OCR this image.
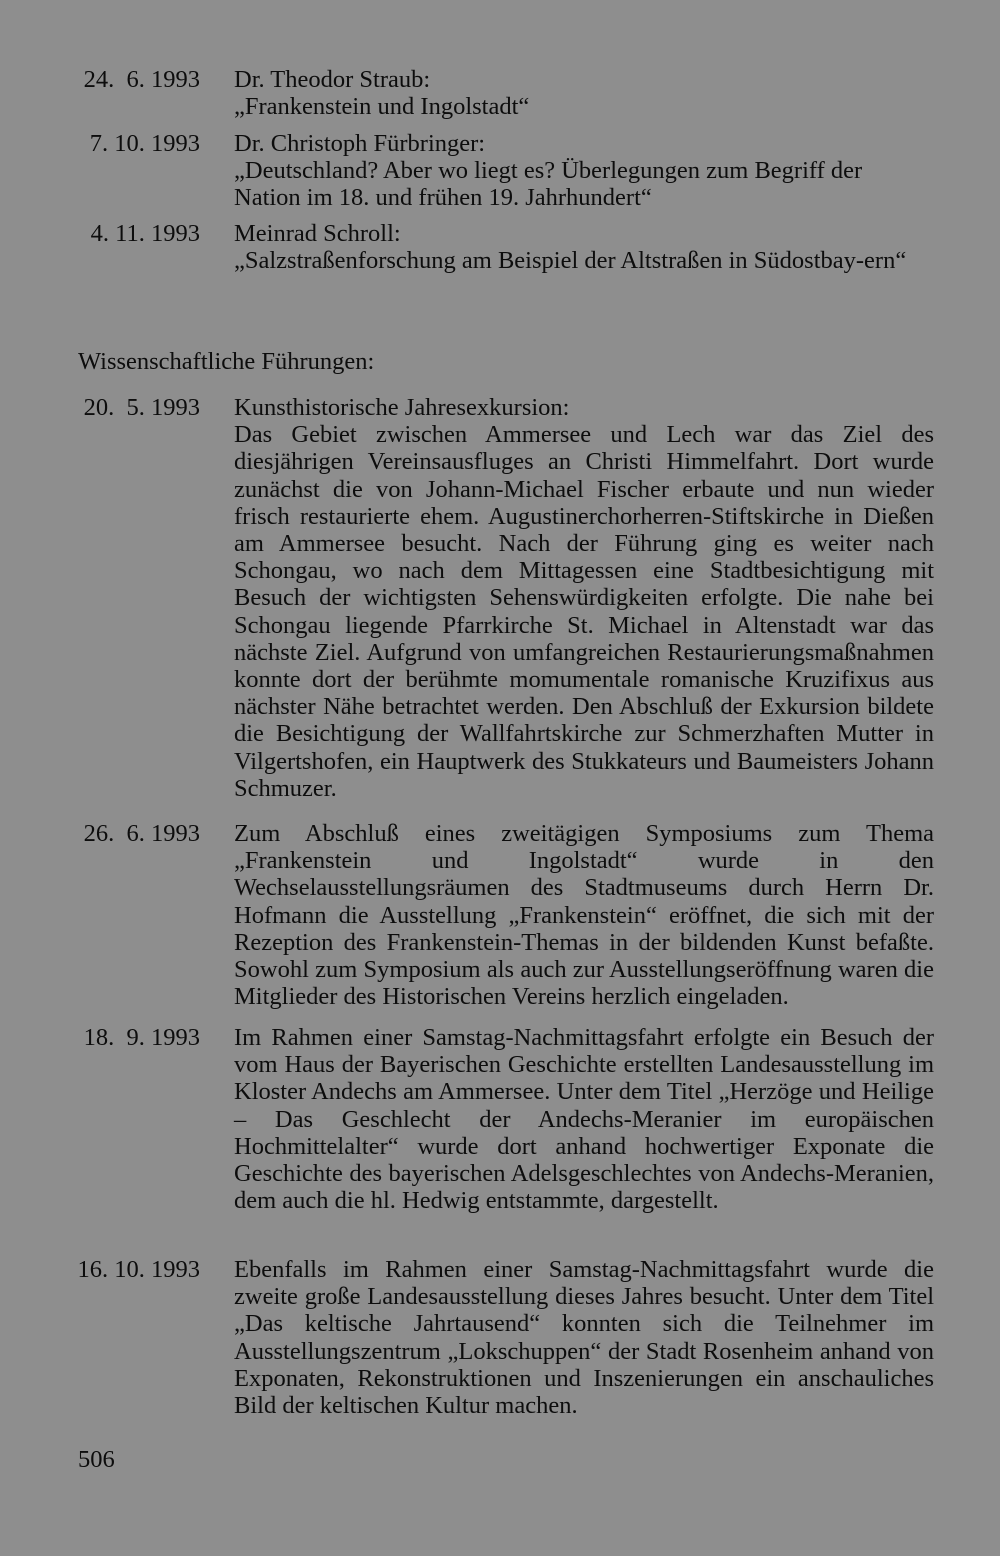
24.  6. 1993 Dr. Theodor Straub:
„Frankenstein und Ingolstadt“
7. 10. 1993 Dr. Christoph Fürbringer:
„Deutschland? Aber wo liegt es? Überlegungen zum Begriff der Nation im 18. und frühen 19. Jahrhundert“
4. 11. 1993 Meinrad Schroll:
„Salzstraßenforschung am Beispiel der Altstraßen in Südostbay-ern“
Wissenschaftliche Führungen:
20.  5. 1993 Kunsthistorische Jahresexkursion:

Das Gebiet zwischen Ammersee und Lech war das Ziel des diesjährigen Vereinsausfluges an Christi Himmelfahrt. Dort wurde zunächst die von Johann-Michael Fischer erbaute und nun wieder frisch restaurierte ehem. Augustinerchorherren-Stiftskirche in Dießen am Ammersee besucht. Nach der Führung ging es weiter nach Schongau, wo nach dem Mittagessen eine Stadtbesichtigung mit Besuch der wichtigsten Sehenswürdigkeiten erfolgte. Die nahe bei Schongau liegende Pfarrkirche St. Michael in Altenstadt war das nächste Ziel. Aufgrund von umfangreichen Restaurierungsmaßnahmen konnte dort der berühmte momumentale romanische Kruzifixus aus nächster Nähe betrachtet werden. Den Abschluß der Exkursion bildete die Besichtigung der Wallfahrtskirche zur Schmerzhaften Mutter in Vilgertshofen, ein Hauptwerk des Stukkateurs und Baumeisters Johann Schmuzer.

26.  6. 1993 Zum Abschluß eines zweitägigen Symposiums zum Thema „Frankenstein und Ingolstadt“ wurde in den Wechselausstellungsräumen des Stadtmuseums durch Herrn Dr. Hofmann die Ausstellung „Frankenstein“ eröffnet, die sich mit der Rezeption des Frankenstein-Themas in der bildenden Kunst befaßte. Sowohl zum Symposium als auch zur Ausstellungseröffnung waren die Mitglieder des Historischen Vereins herzlich eingeladen.

18.  9. 1993 Im Rahmen einer Samstag-Nachmittagsfahrt erfolgte ein Besuch der vom Haus der Bayerischen Geschichte erstellten Landesausstellung im Kloster Andechs am Ammersee. Unter dem Titel „Herzöge und Heilige – Das Geschlecht der Andechs-Meranier im europäischen Hochmittelalter“ wurde dort anhand hochwertiger Exponate die Geschichte des bayerischen Adelsgeschlechtes von Andechs-Meranien, dem auch die hl. Hedwig entstammte, dargestellt.

16. 10. 1993 Ebenfalls im Rahmen einer Samstag-Nachmittagsfahrt wurde die zweite große Landesausstellung dieses Jahres besucht. Unter dem Titel „Das keltische Jahrtausend“ konnten sich die Teilnehmer im Ausstellungszentrum „Lokschuppen“ der Stadt Rosenheim anhand von Exponaten, Rekonstruktionen und Inszenierungen ein anschauliches Bild der keltischen Kultur machen.

506
